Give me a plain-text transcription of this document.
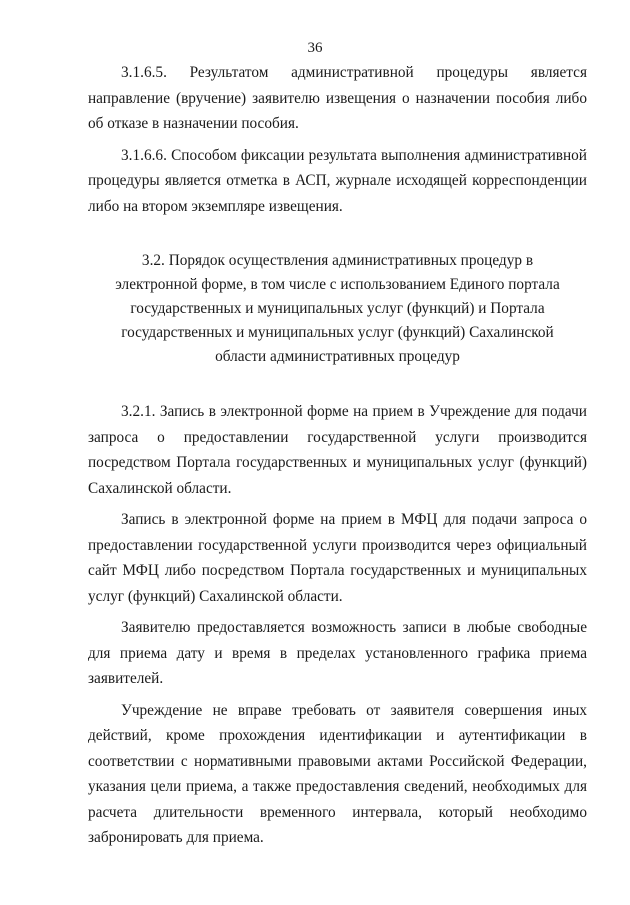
36

3.1.6.5. Результатом административной процедуры является направление (вручение) заявителю извещения о назначении пособия либо об отказе в назначении пособия.

3.1.6.6. Способом фиксации результата выполнения административной процедуры является отметка в АСП, журнале исходящей корреспонденции либо на втором экземпляре извещения.

3.2. Порядок осуществления административных процедур в электронной форме, в том числе с использованием Единого портала государственных и муниципальных услуг (функций) и Портала государственных и муниципальных услуг (функций) Сахалинской области административных процедур

3.2.1. Запись в электронной форме на прием в Учреждение для подачи запроса о предоставлении государственной услуги производится посредством Портала государственных и муниципальных услуг (функций) Сахалинской области.

Запись в электронной форме на прием в МФЦ для подачи запроса о предоставлении государственной услуги производится через официальный сайт МФЦ либо посредством Портала государственных и муниципальных услуг (функций) Сахалинской области.

Заявителю предоставляется возможность записи в любые свободные для приема дату и время в пределах установленного графика приема заявителей.

Учреждение не вправе требовать от заявителя совершения иных действий, кроме прохождения идентификации и аутентификации в соответствии с нормативными правовыми актами Российской Федерации, указания цели приема, а также предоставления сведений, необходимых для расчета длительности временного интервала, который необходимо забронировать для приема.
